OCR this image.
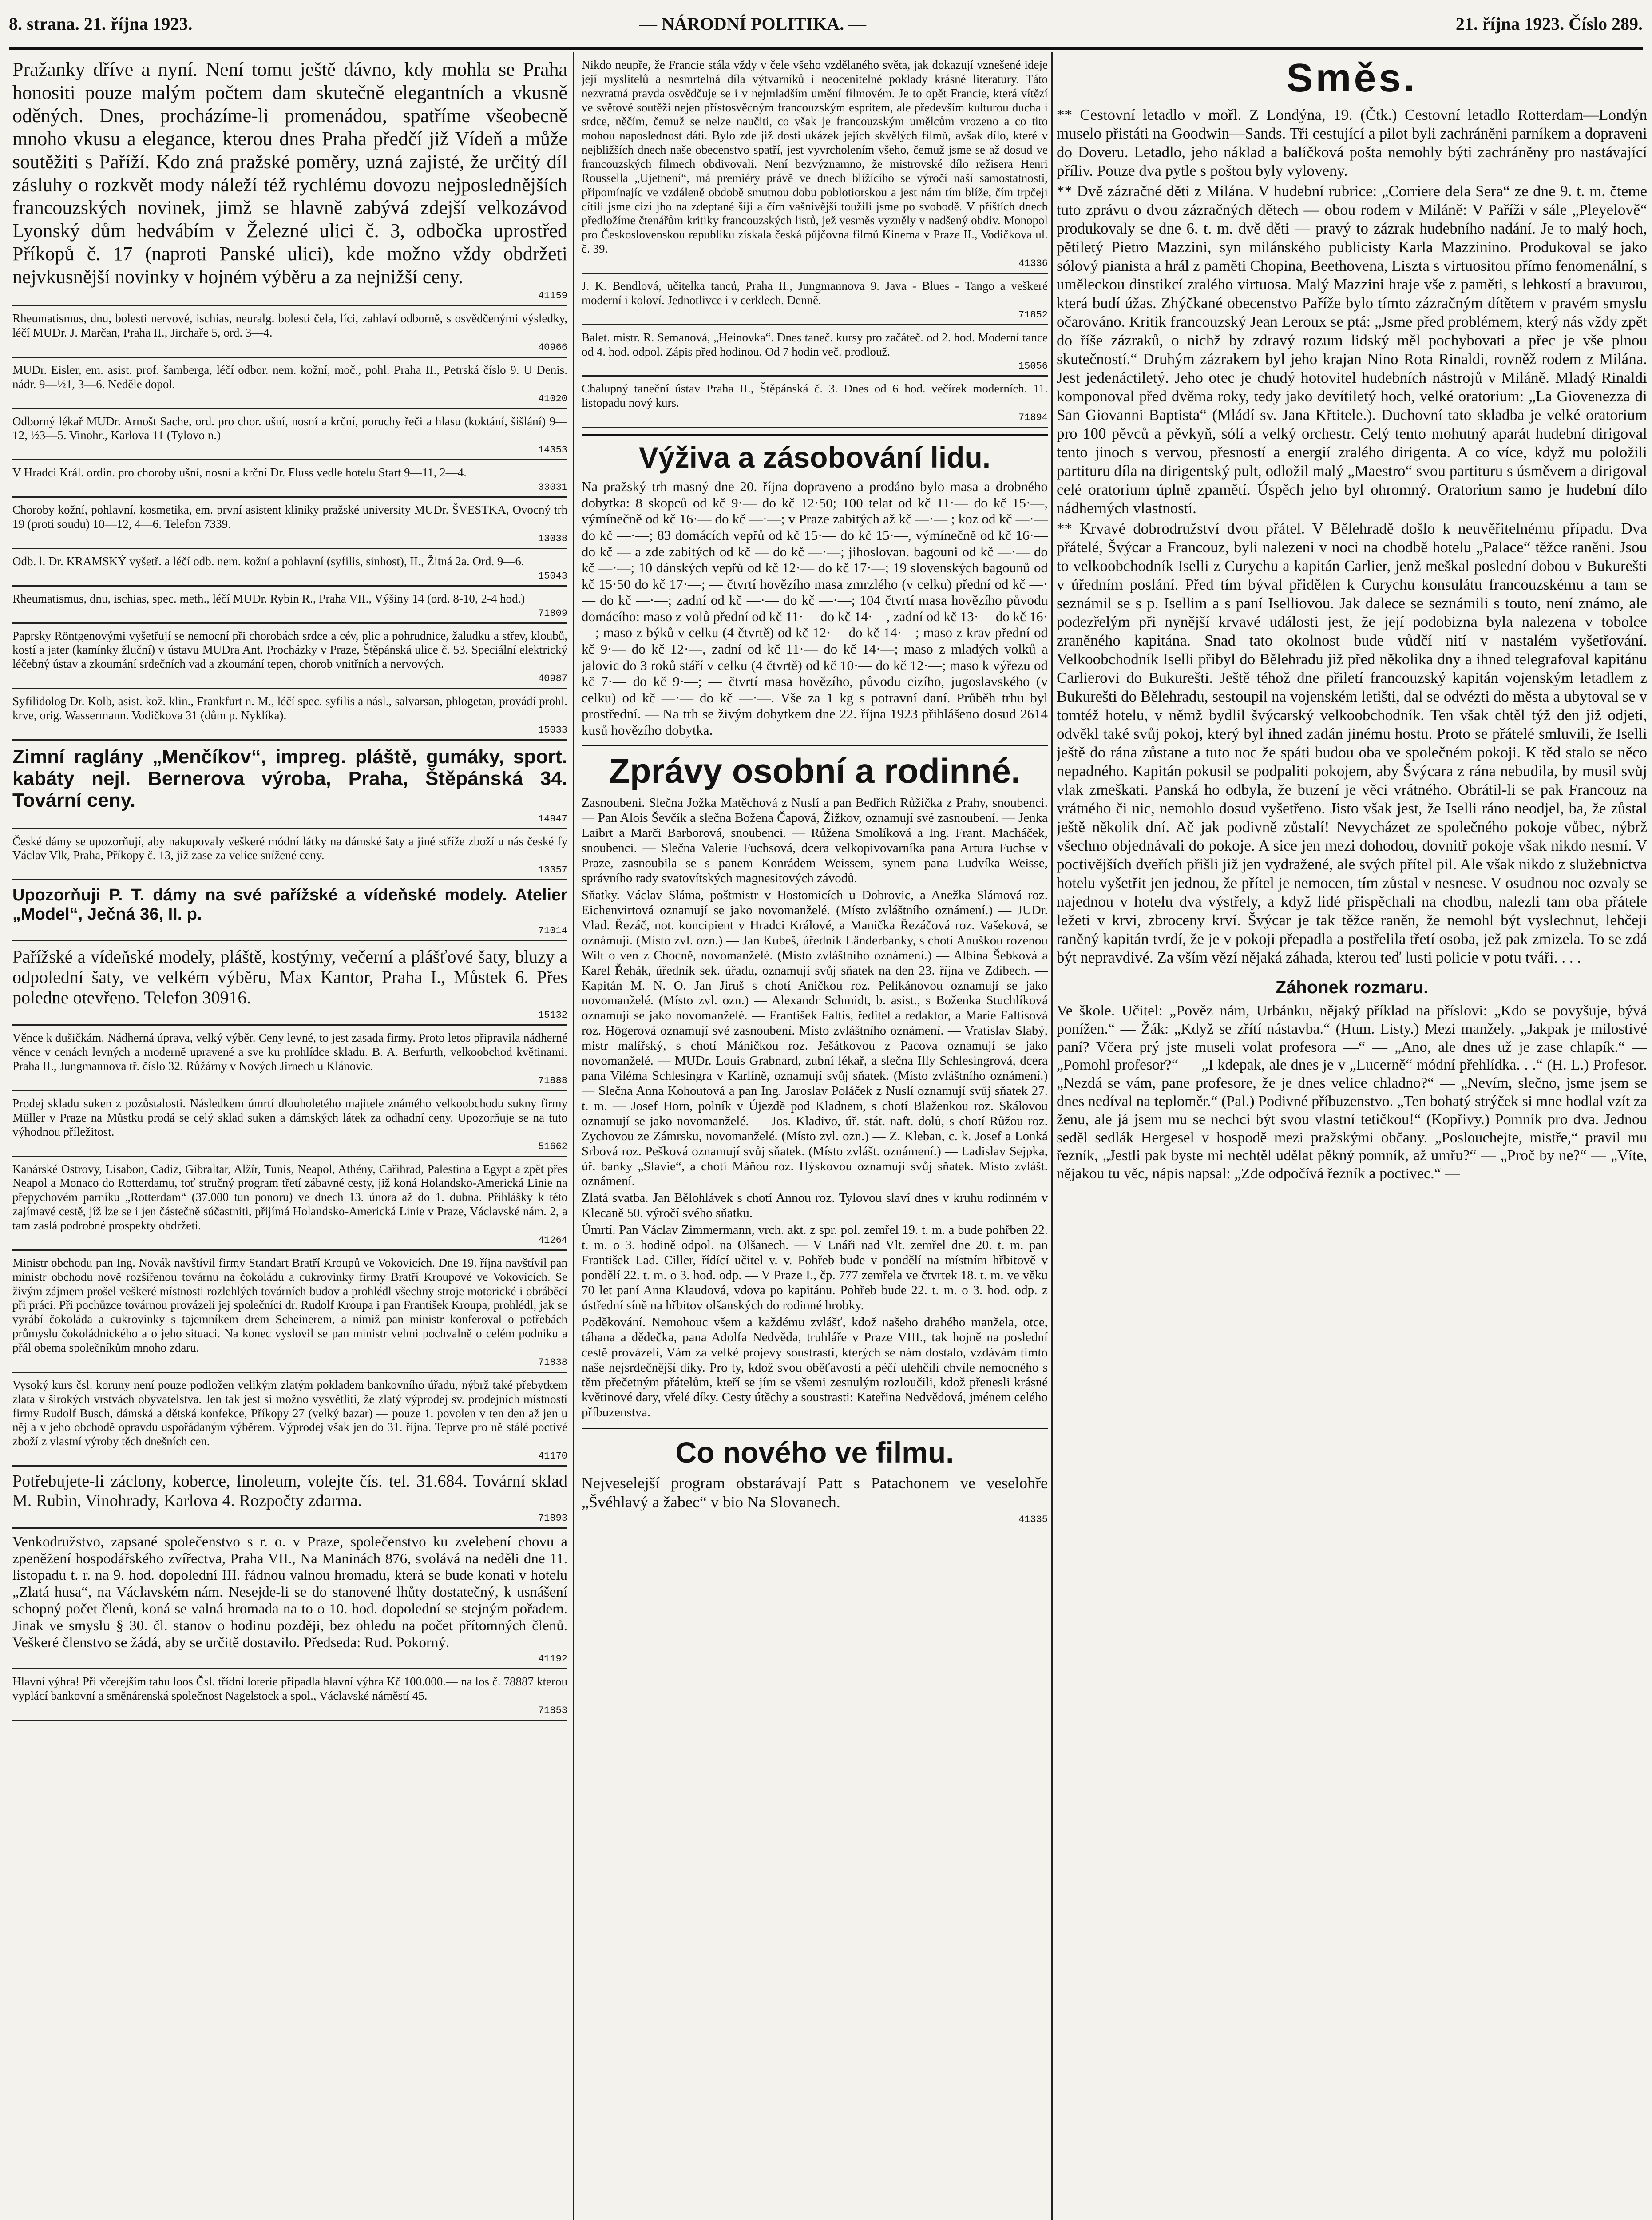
8. strana. 21. října 1923.	— NÁRODNÍ POLITIKA. —	21. října 1923. Číslo 289.

Pražanky dříve a nyní. Není tomu ještě dávno, kdy mohla se Praha honositi pouze malým počtem dam skutečně elegantních a vkusně oděných. Dnes, procházíme-li promenádou, spatříme všeobecně mnoho vkusu a elegance, kterou dnes Praha předčí již Vídeň a může soutěžiti s Paříží. Kdo zná pražské poměry, uzná zajisté, že určitý díl zásluhy o rozkvět mody náleží též rychlému dovozu nejposlednějších francouzských novinek, jimž se hlavně zabývá zdejší velkozávod Lyonský dům hedvábím v Železné ulici č. 3, odbočka uprostřed Příkopů č. 17 (naproti Panské ulici), kde možno vždy obdržeti nejvkusnější novinky v hojném výběru a za nejnižší ceny.

41159

Rheumatismus, dnu, bolesti nervové, ischias, neuralg. bolesti čela, líci, zahlaví odborně, s osvědčenými výsledky, léčí MUDr. J. Marčan, Praha II., Jirchaře 5, ord. 3—4.

40966

MUDr. Eisler, em. asist. prof. šamberga, léčí odbor. nem. kožní, moč., pohl. Praha II., Petrská číslo 9. U Denis. nádr. 9—½1, 3—6. Neděle dopol.

41020

Odborný lékař MUDr. Arnošt Sache, ord. pro chor. ušní, nosní a krční, poruchy řeči a hlasu (koktání, šišlání) 9—12, ½3—5. Vinohr., Karlova 11 (Tylovo n.)

14353

V Hradci Král. ordin. pro choroby ušní, nosní a krční Dr. Fluss vedle hotelu Start 9—11, 2—4.

33031

Choroby kožní, pohlavní, kosmetika, em. první asistent kliniky pražské university MUDr. ŠVESTKA, Ovocný trh 19 (proti soudu) 10—12, 4—6. Telefon 7339.

13038

Odb. l. Dr. KRAMSKÝ vyšetř. a léčí odb. nem. kožní a pohlavní (syfilis, sinhost), II., Žitná 2a. Ord. 9—6.

15043

Rheumatismus, dnu, ischias, spec. meth., léčí MUDr. Rybin R., Praha VII., Výšiny 14 (ord. 8-10, 2-4 hod.)

71809

Paprsky Röntgenovými vyšetřují se nemocní při chorobách srdce a cév, plic a pohrudnice, žaludku a střev, kloubů, kostí a jater (kamínky žluční) v ústavu MUDra Ant. Procházky v Praze, Štěpánská ulice č. 53. Speciální elektrický léčebný ústav a zkoumání srdečních vad a zkoumání tepen, chorob vnitřních a nervových.

40987

Syfilidolog Dr. Kolb, asist. kož. klin., Frankfurt n. M., léčí spec. syfilis a násl., salvarsan, phlogetan, provádí prohl. krve, orig. Wassermann. Vodičkova 31 (dům p. Nyklíka).

15033

Zimní raglány „Menčíkov“, impreg. pláště, gumáky, sport. kabáty nejl. Bernerova výroba, Praha, Štěpánská 34. Tovární ceny.

14947

České dámy se upozorňují, aby nakupovaly veškeré módní látky na dámské šaty a jiné stříže zboží u nás české fy Václav Vlk, Praha, Příkopy č. 13, již zase za velice snížené ceny.

13357

Upozorňuji P. T. dámy na své pařížské a vídeňské modely. Atelier „Model“, Ječná 36, II. p.

71014

Pařížské a vídeňské modely, pláště, kostýmy, večerní a plášťové šaty, bluzy a odpolední šaty, ve velkém výběru, Max Kantor, Praha I., Můstek 6. Přes poledne otevřeno. Telefon 30916.

15132

Věnce k dušičkám. Nádherná úprava, velký výběr. Ceny levné, to jest zasada firmy. Proto letos připravila nádherné věnce v cenách levných a moderně upravené a sve ku prohlídce skladu. B. A. Berfurth, velkoobchod květinami. Praha II., Jungmannova tř. číslo 32. Růžárny v Nových Jirnech u Klánovic.

71888

Prodej skladu suken z pozůstalosti. Následkem úmrtí dlouholetého majitele známého velkoobchodu sukny firmy Müller v Praze na Můstku prodá se celý sklad suken a dámských látek za odhadní ceny. Upozorňuje se na tuto výhodnou příležitost.

51662

Kanárské Ostrovy, Lisabon, Cadiz, Gibraltar, Alžír, Tunis, Neapol, Athény, Cařihrad, Palestina a Egypt a zpět přes Neapol a Monaco do Rotterdamu, toť stručný program třetí zábavné cesty, již koná Holandsko-Americká Linie na přepychovém parníku „Rotterdam“ (37.000 tun ponoru) ve dnech 13. února až do 1. dubna. Přihlášky k této zajímavé cestě, jíž lze se i jen částečně súčastniti, přijímá Holandsko-Americká Linie v Praze, Václavské nám. 2, a tam zaslá podrobné prospekty obdržeti.

41264

Ministr obchodu pan Ing. Novák navštívil firmy Standart Bratří Kroupů ve Vokovicích. Dne 19. října navštívil pan ministr obchodu nově rozšířenou továrnu na čokoládu a cukrovinky firmy Bratří Kroupové ve Vokovicích. Se živým zájmem prošel veškeré místnosti rozlehlých továrních budov a prohlédl všechny stroje motorické i obráběcí při práci. Při pochůzce továrnou provázeli jej společníci dr. Rudolf Kroupa i pan František Kroupa, prohlédl, jak se vyrábí čokoláda a cukrovinky s tajemníkem drem Scheinerem, a nimiž pan ministr konferoval o potřebách průmyslu čokoládnického a o jeho situaci. Na konec vyslovil se pan ministr velmi pochvalně o celém podniku a přál obema společníkům mnoho zdaru.

71838

Vysoký kurs čsl. koruny není pouze podložen velikým zlatým pokladem bankovního úřadu, nýbrž také přebytkem zlata v širokých vrstvách obyvatelstva. Jen tak jest si možno vysvětliti, že zlatý výprodej sv. prodejních místností firmy Rudolf Busch, dámská a dětská konfekce, Příkopy 27 (velký bazar) — pouze 1. povolen v ten den až jen u něj a v jeho obchodě opravdu uspořádaným výběrem. Výprodej však jen do 31. října. Teprve pro ně stálé poctivé zboží z vlastní výroby těch dnešních cen.

41170

Potřebujete-li záclony, koberce, linoleum, volejte čís. tel. 31.684. Tovární sklad M. Rubin, Vinohrady, Karlova 4. Rozpočty zdarma.

71893

Venkodružstvo, zapsané společenstvo s r. o. v Praze, společenstvo ku zvelebení chovu a zpeněžení hospodářského zvířectva, Praha VII., Na Maninách 876, svolává na neděli dne 11. listopadu t. r. na 9. hod. dopolední III. řádnou valnou hromadu, která se bude konati v hotelu „Zlatá husa“, na Václavském nám. Nesejde-li se do stanovené lhůty dostatečný, k usnášení schopný počet členů, koná se valná hromada na to o 10. hod. dopolední se stejným pořadem. Jinak ve smyslu § 30. čl. stanov o hodinu později, bez ohledu na počet přítomných členů. Veškeré členstvo se žádá, aby se určitě dostavilo. Předseda: Rud. Pokorný.

41192

Hlavní výhra! Při včerejším tahu loos Čsl. třídní loterie připadla hlavní výhra Kč 100.000.— na los č. 78887 kterou vyplácí bankovní a směnárenská společnost Nagelstock a spol., Václavské náměstí 45.

71853

Nikdo neupře, že Francie stála vždy v čele všeho vzdělaného světa, jak dokazují vznešené ideje její myslitelů a nesmrtelná díla výtvarníků i neocenitelné poklady krásné literatury. Táto nezvratná pravda osvědčuje se i v nejmladším umění filmovém. Je to opět Francie, která vítězí ve světové soutěži nejen přístosvěcným francouzským espritem, ale především kulturou ducha i srdce, něčím, čemuž se nelze naučiti, co však je francouzským umělcům vrozeno a co tito mohou naposlednost dáti. Bylo zde již dosti ukázek jejích skvělých filmů, avšak dílo, které v nejbližších dnech naše obecenstvo spatří, jest vyvrcholením všeho, čemuž jsme se až dosud ve francouzských filmech obdivovali. Není bezvýznamno, že mistrovské dílo režisera Henri Roussella „Ujetnení“, má premiéry právě ve dnech blížícího se výročí naší samostatnosti, připomínajíc ve vzdáleně obdobě smutnou dobu poblotiorskou a jest nám tím blíže, čím trpčeji cítili jsme cizí jho na zdeptané šíji a čím vašnivější toužili jsme po svobodě. V příštích dnech předložíme čtenářům kritiky francouzských listů, jež vesměs vyzněly v nadšený obdiv. Monopol pro Československou republiku získala česká půjčovna filmů Kinema v Praze II., Vodičkova ul. č. 39.

41336

J. K. Bendlová, učitelka tanců, Praha II., Jungmannova 9. Java - Blues - Tango a veškeré moderní i koloví. Jednotlivce i v cerklech. Denně.

71852

Balet. mistr. R. Semanová, „Heinovka“. Dnes taneč. kursy pro začáteč. od 2. hod. Moderní tance od 4. hod. odpol. Zápis před hodinou. Od 7 hodin več. prodlouž.

15056

Chalupný taneční ústav Praha II., Štěpánská č. 3. Dnes od 6 hod. večírek moderních. 11. listopadu nový kurs.

71894
Výživa a zásobování lidu.

Na pražský trh masný dne 20. října dopraveno a prodáno bylo masa a drobného dobytka: 8 skopců od kč 9·— do kč 12·50; 100 telat od kč 11·— do kč 15·—, výmínečně od kč 16·— do kč —·—; v Praze zabitých až kč —·— ; koz od kč —·— do kč —·—; 83 domácích vepřů od kč 15·— do kč 15·—, výmínečně od kč 16·— do kč — a zde zabitých od kč — do kč —·—; jihoslovan. bagouni od kč —·— do kč —·—; 10 dánských vepřů od kč 12·— do kč 17·—; 19 slovenských bagounů od kč 15·50 do kč 17·—; — čtvrtí hovězího masa zmrzlého (v celku) přední od kč —·— do kč —·—; zadní od kč —·— do kč —·—; 104 čtvrtí masa hovězího původu domácího: maso z volů přední od kč 11·— do kč 14·—, zadní od kč 13·— do kč 16·—; maso z býků v celku (4 čtvrtě) od kč 12·— do kč 14·—; maso z krav přední od kč 9·— do kč 12·—, zadní od kč 11·— do kč 14·—; maso z mladých volků a jalovic do 3 roků stáří v celku (4 čtvrtě) od kč 10·— do kč 12·—; maso k výřezu od kč 7·— do kč 9·—; — čtvrtí masa hovězího, původu cizího, jugoslavského (v celku) od kč —·— do kč —·—. Vše za 1 kg s potravní daní. Průběh trhu byl prostřední. — Na trh se živým dobytkem dne 22. října 1923 přihlášeno dosud 2614 kusů hovězího dobytka.

Zprávy osobní a rodinné.

Zasnoubeni. Slečna Jožka Matěchová z Nuslí a pan Bedřich Růžička z Prahy, snoubenci. — Pan Alois Ševčík a slečna Božena Čapová, Žižkov, oznamují své zasnoubení. — Jenka Laibrt a Marči Barborová, snoubenci. — Růžena Smolíková a Ing. Frant. Macháček, snoubenci. — Slečna Valerie Fuchsová, dcera velkopivovarníka pana Artura Fuchse v Praze, zasnoubila se s panem Konrádem Weissem, synem pana Ludvíka Weisse, správního rady svatovítských magnesitových závodů.

Sňatky. Václav Sláma, poštmistr v Hostomicích u Dobrovic, a Anežka Slámová roz. Eichenvirtová oznamují se jako novomanželé. (Místo zvláštního oznámení.) — JUDr. Vlad. Řezáč, not. koncipient v Hradci Králové, a Manička Řezáčová roz. Vašeková, se oznámují. (Místo zvl. ozn.) — Jan Kubeš, úředník Länderbanky, s chotí Anuškou rozenou Wilt o ven z Chocně, novomanželé. (Místo zvláštního oznámení.) — Albína Šebková a Karel Řehák, úředník sek. úřadu, oznamují svůj sňatek na den 23. října ve Zdibech. — Kapitán M. N. O. Jan Jiruš s chotí Aničkou roz. Pelikánovou oznamují se jako novomanželé. (Místo zvl. ozn.) — Alexandr Schmidt, b. asist., s Boženka Stuchlíková oznamují se jako novomanželé. — František Faltis, ředitel a redaktor, a Marie Faltisová roz. Högerová oznamují své zasnoubení. Místo zvláštního oznámení. — Vratislav Slabý, mistr malířský, s chotí Máničkou roz. Ješátkovou z Pacova oznamují se jako novomanželé. — MUDr. Louis Grabnard, zubní lékař, a slečna Illy Schlesingrová, dcera pana Viléma Schlesingra v Karlíně, oznamují svůj sňatek. (Místo zvláštního oznámení.) — Slečna Anna Kohoutová a pan Ing. Jaroslav Poláček z Nuslí oznamují svůj sňatek 27. t. m. — Josef Horn, polník v Újezdě pod Kladnem, s chotí Blaženkou roz. Skálovou oznamují se jako novomanželé. — Jos. Kladivo, úř. stát. naft. dolů, s chotí Růžou roz. Zychovou ze Zámrsku, novomanželé. (Místo zvl. ozn.) — Z. Kleban, c. k. Josef a Lonká Srbová roz. Pešková oznamují svůj sňatek. (Místo zvlášt. oznámení.) — Ladislav Sejpka, úř. banky „Slavie“, a chotí Máňou roz. Hýskovou oznamují svůj sňatek. Místo zvlášt. oznámení.

Zlatá svatba. Jan Bělohlávek s chotí Annou roz. Tylovou slaví dnes v kruhu rodinném v Klecaně 50. výročí svého sňatku.

Úmrtí. Pan Václav Zimmermann, vrch. akt. z spr. pol. zemřel 19. t. m. a bude pohřben 22. t. m. o 3. hodině odpol. na Olšanech. — V Lnáři nad Vlt. zemřel dne 20. t. m. pan František Lad. Ciller, řídící učitel v. v. Pohřeb bude v pondělí na místním hřbitově v pondělí 22. t. m. o 3. hod. odp. — V Praze I., čp. 777 zemřela ve čtvrtek 18. t. m. ve věku 70 let paní Anna Klaudová, vdova po kapitánu. Pohřeb bude 22. t. m. o 3. hod. odp. z ústřední síně na hřbitov olšanských do rodinné hrobky.

Poděkování. Nemohouc všem a každému zvlášť, kdož našeho drahého manžela, otce, táhana a dědečka, pana Adolfa Nedvěda, truhláře v Praze VIII., tak hojně na poslední cestě provázeli, Vám za velké projevy soustrasti, kterých se nám dostalo, vzdávám tímto naše nejsrdečnější díky. Pro ty, kdož svou oběťavostí a péčí ulehčili chvíle nemocného s těm přečetným přátelům, kteří se jím se všemi zesnulým rozloučili, kdož přenesli krásné květinové dary, vřelé díky. Cesty útěchy a soustrasti: Kateřina Nedvědová, jménem celého příbuzenstva.

Co nového ve filmu.

Nejveselejší program obstarávají Patt s Patachonem ve veselohře „Švéhlavý a žabec“ v bio Na Slovanech.

41335
Směs.

** Cestovní letadlo v mořl. Z Londýna, 19. (Čtk.) Cestovní letadlo Rotterdam—Londýn muselo přistáti na Goodwin—Sands. Tři cestující a pilot byli zachráněni parníkem a dopraveni do Doveru. Letadlo, jeho náklad a balíčková pošta nemohly býti zachráněny pro nastávající příliv. Pouze dva pytle s poštou byly vyloveny.

** Dvě zázračné děti z Milána. V hudební rubrice: „Corriere dela Sera“ ze dne 9. t. m. čteme tuto zprávu o dvou zázračných dětech — obou rodem v Miláně: V Paříži v sále „Pleyelově“ produkovaly se dne 6. t. m. dvě děti — pravý to zázrak hudebního nadání. Je to malý hoch, pětiletý Pietro Mazzini, syn milánského publicisty Karla Mazzinino. Produkoval se jako sólový pianista a hrál z paměti Chopina, Beethovena, Liszta s virtuositou přímo fenomenální, s uměleckou dinstikcí zralého virtuosa. Malý Mazzini hraje vše z paměti, s lehkostí a bravurou, která budí úžas. Zhýčkané obecenstvo Paříže bylo tímto zázračným dítětem v pravém smyslu očarováno. Kritik francouzský Jean Leroux se ptá: „Jsme před problémem, který nás vždy zpět do říše zázraků, o nichž by zdravý rozum lidský měl pochybovati a přec je vše plnou skutečností.“ Druhým zázrakem byl jeho krajan Nino Rota Rinaldi, rovněž rodem z Milána. Jest jedenáctiletý. Jeho otec je chudý hotovitel hudebních nástrojů v Miláně. Mladý Rinaldi komponoval před dvěma roky, tedy jako devítiletý hoch, velké oratorium: „La Giovenezza di San Giovanni Baptista“ (Mládí sv. Jana Křtitele.). Duchovní tato skladba je velké oratorium pro 100 pěvců a pěvkyň, sólí a velký orchestr. Celý tento mohutný aparát hudební dirigoval tento jinoch s vervou, přesností a energií zralého dirigenta. A co více, když mu položili partituru díla na dirigentský pult, odložil malý „Maestro“ svou partituru s úsměvem a dirigoval celé oratorium úplně zpamětí. Úspěch jeho byl ohromný. Oratorium samo je hudební dílo nádherných vlastností.

** Krvavé dobrodružství dvou přátel. V Bělehradě došlo k neuvěřitelnému případu. Dva přátelé, Švýcar a Francouz, byli nalezeni v noci na chodbě hotelu „Palace“ těžce raněni. Jsou to velkoobchodník Iselli z Curychu a kapitán Carlier, jenž meškal poslední dobou v Bukurešti v úředním poslání. Před tím býval přidělen k Curychu konsulátu francouzskému a tam se seznámil se s p. Isellim a s paní Iselliovou. Jak dalece se seznámili s touto, není známo, ale podezřelým při nynější krvavé události jest, že její podobizna byla nalezena v tobolce zraněného kapitána. Snad tato okolnost bude vůdčí nití v nastalém vyšetřování. Velkoobchodník Iselli přibyl do Bělehradu již před několika dny a ihned telegrafoval kapitánu Carlierovi do Bukurešti. Ještě téhož dne přiletí francouzský kapitán vojenským letadlem z Bukurešti do Bělehradu, sestoupil na vojenském letišti, dal se odvézti do města a ubytoval se v tomtéž hotelu, v němž bydlil švýcarský velkoobchodník. Ten však chtěl týž den již odjeti, odvěkl také svůj pokoj, který byl ihned zadán jinému hostu. Proto se přátelé smluvili, že Iselli ještě do rána zůstane a tuto noc že spáti budou oba ve společném pokoji. K těd stalo se něco nepadného. Kapitán pokusil se podpaliti pokojem, aby Švýcara z rána nebudila, by musil svůj vlak zmeškati. Panská ho odbyla, že buzení je věci vrátného. Obrátil-li se pak Francouz na vrátného či nic, nemohlo dosud vyšetřeno. Jisto však jest, že Iselli ráno neodjel, ba, že zůstal ještě několik dní. Ač jak podivně zůstalí! Nevycházet ze společného pokoje vůbec, nýbrž všechno objednávali do pokoje. A sice jen mezi dohodou, dovnitř pokoje však nikdo nesmí. V poctivějších dveřích přišli již jen vydražené, ale svých přítel pil. Ale však nikdo z služebnictva hotelu vyšetřit jen jednou, že přítel je nemocen, tím zůstal v nesnese. V osudnou noc ozvaly se najednou v hotelu dva výstřely, a když lidé přispěchali na chodbu, nalezli tam oba přátele ležeti v krvi, zbroceny krví. Švýcar je tak těžce raněn, že nemohl být vyslechnut, lehčeji raněný kapitán tvrdí, že je v pokoji přepadla a postřelila třetí osoba, jež pak zmizela. To se zdá být nepravdivé. Za vším vězí nějaká záhada, kterou teď lusti policie v potu tváři. . . .

Záhonek rozmaru.

Ve škole. Učitel: „Pověz nám, Urbánku, nějaký příklad na příslovi: „Kdo se povyšuje, bývá ponížen.“ — Žák: „Když se zřítí nástavba.“ (Hum. Listy.) Mezi manžely. „Jakpak je milostivé paní? Včera prý jste museli volat profesora —“ — „Ano, ale dnes už je zase chlapík.“ — „Pomohl profesor?“ — „I kdepak, ale dnes je v „Lucerně“ módní přehlídka. . .“ (H. L.) Profesor. „Nezdá se vám, pane profesore, že je dnes velice chladno?“ — „Nevím, slečno, jsme jsem se dnes nedíval na teploměr.“ (Pal.) Podivné příbuzenstvo. „Ten bohatý strýček si mne hodlal vzít za ženu, ale já jsem mu se nechci být svou vlastní tetičkou!“ (Kopřivy.) Pomník pro dva. Jednou seděl sedlák Hergesel v hospodě mezi pražskými občany. „Poslouchejte, mistře,“ pravil mu řezník, „Jestli pak byste mi nechtěl udělat pěkný pomník, až umřu?“ — „Proč by ne?“ — „Víte, nějakou tu věc, nápis napsal: „Zde odpočívá řezník a poctivec.“ —
